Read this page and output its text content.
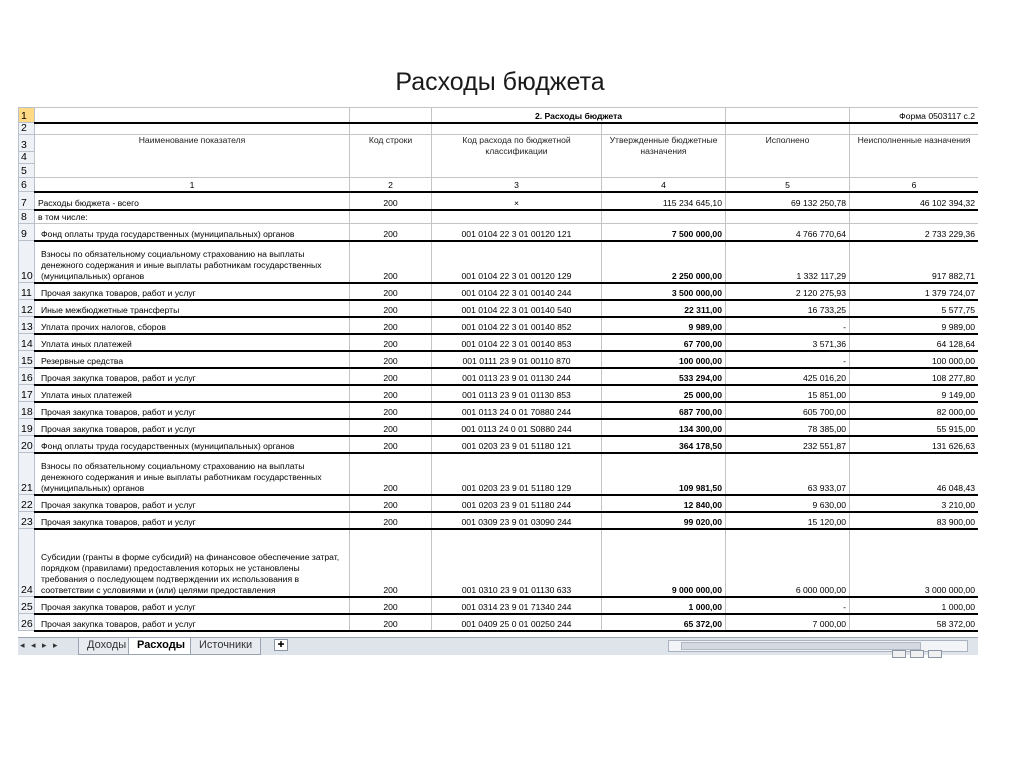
Расходы бюджета
1			2. Расходы бюджета			Форма 0503117 с.2
2						
3	Наименование показателя	Код строки	Код расхода по бюджетной классификации	Утвержденные бюджетные назначения	Исполнено	Неисполненные назначения
4						
5						
6	1	2	3	4	5	6
7	Расходы бюджета - всего	200	×	115 234 645,10	69 132 250,78	46 102 394,32
8	в том числе:					
9	Фонд оплаты труда государственных (муниципальных) органов	200	001 0104 22 3 01 00120 121	7 500 000,00	4 766 770,64	2 733 229,36
10	Взносы по обязательному социальному страхованию на выплаты денежного содержания и иные выплаты работникам государственных (муниципальных) органов	200	001 0104 22 3 01 00120 129	2 250 000,00	1 332 117,29	917 882,71
11	Прочая закупка товаров, работ и услуг	200	001 0104 22 3 01 00140 244	3 500 000,00	2 120 275,93	1 379 724,07
12	Иные межбюджетные трансферты	200	001 0104 22 3 01 00140 540	22 311,00	16 733,25	5 577,75
13	Уплата прочих налогов, сборов	200	001 0104 22 3 01 00140 852	9 989,00	-	9 989,00
14	Уплата иных платежей	200	001 0104 22 3 01 00140 853	67 700,00	3 571,36	64 128,64
15	Резервные средства	200	001 0111 23 9 01 00110 870	100 000,00	-	100 000,00
16	Прочая закупка товаров, работ и услуг	200	001 0113 23 9 01 01130 244	533 294,00	425 016,20	108 277,80
17	Уплата иных платежей	200	001 0113 23 9 01 01130 853	25 000,00	15 851,00	9 149,00
18	Прочая закупка товаров, работ и услуг	200	001 0113 24 0 01 70880 244	687 700,00	605 700,00	82 000,00
19	Прочая закупка товаров, работ и услуг	200	001 0113 24 0 01 S0880 244	134 300,00	78 385,00	55 915,00
20	Фонд оплаты труда государственных (муниципальных) органов	200	001 0203 23 9 01 51180 121	364 178,50	232 551,87	131 626,63
21	Взносы по обязательному социальному страхованию на выплаты денежного содержания и иные выплаты работникам государственных (муниципальных) органов	200	001 0203 23 9 01 51180 129	109 981,50	63 933,07	46 048,43
22	Прочая закупка товаров, работ и услуг	200	001 0203 23 9 01 51180 244	12 840,00	9 630,00	3 210,00
23	Прочая закупка товаров, работ и услуг	200	001 0309 23 9 01 03090 244	99 020,00	15 120,00	83 900,00
24	Субсидии (гранты в форме субсидий) на финансовое обеспечение затрат, порядком (правилами) предоставления которых не установлены требования о последующем подтверждении их использования в соответствии с условиями и (или) целями предоставления	200	001 0310 23 9 01 01130 633	9 000 000,00	6 000 000,00	3 000 000,00
25	Прочая закупка товаров, работ и услуг	200	001 0314 23 9 01 71340 244	1 000,00	-	1 000,00
26	Прочая закупка товаров, работ и услуг	200	001 0409 25 0 01 00250 244	65 372,00	7 000,00	58 372,00
◂ ◂ ▸ ▸	Доходы Расходы	Источники	✚
